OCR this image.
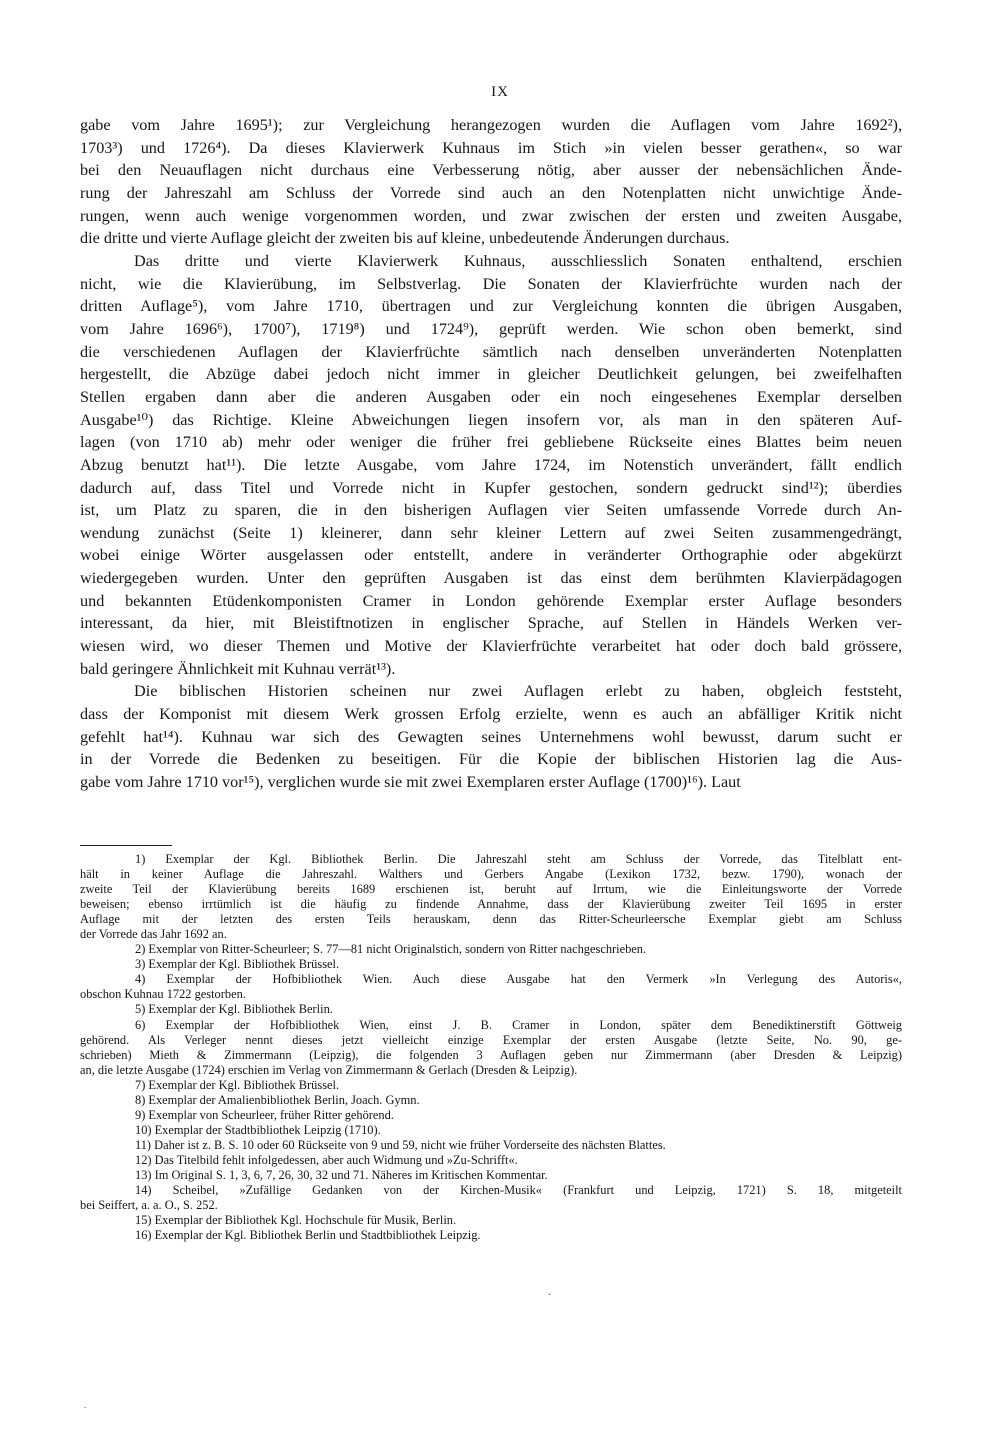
IX

gabe vom Jahre 1695¹); zur Vergleichung herangezogen wurden die Auflagen vom Jahre 1692²),

1703³) und 1726⁴). Da dieses Klavierwerk Kuhnaus im Stich »in vielen besser gerathen«, so war

bei den Neuauflagen nicht durchaus eine Verbesserung nötig, aber ausser der nebensächlichen Ände-

rung der Jahreszahl am Schluss der Vorrede sind auch an den Notenplatten nicht unwichtige Ände-

rungen, wenn auch wenige vorgenommen worden, und zwar zwischen der ersten und zweiten Ausgabe,

die dritte und vierte Auflage gleicht der zweiten bis auf kleine, unbedeutende Änderungen durchaus.

Das dritte und vierte Klavierwerk Kuhnaus, ausschliesslich Sonaten enthaltend, erschien

nicht, wie die Klavierübung, im Selbstverlag. Die Sonaten der Klavierfrüchte wurden nach der

dritten Auflage⁵), vom Jahre 1710, übertragen und zur Vergleichung konnten die übrigen Ausgaben,

vom Jahre 1696⁶), 1700⁷), 1719⁸) und 1724⁹), geprüft werden. Wie schon oben bemerkt, sind

die verschiedenen Auflagen der Klavierfrüchte sämtlich nach denselben unveränderten Notenplatten

hergestellt, die Abzüge dabei jedoch nicht immer in gleicher Deutlichkeit gelungen, bei zweifelhaften

Stellen ergaben dann aber die anderen Ausgaben oder ein noch eingesehenes Exemplar derselben

Ausgabe¹⁰) das Richtige. Kleine Abweichungen liegen insofern vor, als man in den späteren Auf-

lagen (von 1710 ab) mehr oder weniger die früher frei gebliebene Rückseite eines Blattes beim neuen

Abzug benutzt hat¹¹). Die letzte Ausgabe, vom Jahre 1724, im Notenstich unverändert, fällt endlich

dadurch auf, dass Titel und Vorrede nicht in Kupfer gestochen, sondern gedruckt sind¹²); überdies

ist, um Platz zu sparen, die in den bisherigen Auflagen vier Seiten umfassende Vorrede durch An-

wendung zunächst (Seite 1) kleinerer, dann sehr kleiner Lettern auf zwei Seiten zusammengedrängt,

wobei einige Wörter ausgelassen oder entstellt, andere in veränderter Orthographie oder abgekürzt

wiedergegeben wurden. Unter den geprüften Ausgaben ist das einst dem berühmten Klavierpädagogen

und bekannten Etüdenkomponisten Cramer in London gehörende Exemplar erster Auflage besonders

interessant, da hier, mit Bleistiftnotizen in englischer Sprache, auf Stellen in Händels Werken ver-

wiesen wird, wo dieser Themen und Motive der Klavierfrüchte verarbeitet hat oder doch bald grössere,

bald geringere Ähnlichkeit mit Kuhnau verrät¹³).

Die biblischen Historien scheinen nur zwei Auflagen erlebt zu haben, obgleich feststeht,

dass der Komponist mit diesem Werk grossen Erfolg erzielte, wenn es auch an abfälliger Kritik nicht

gefehlt hat¹⁴). Kuhnau war sich des Gewagten seines Unternehmens wohl bewusst, darum sucht er

in der Vorrede die Bedenken zu beseitigen. Für die Kopie der biblischen Historien lag die Aus-

gabe vom Jahre 1710 vor¹⁵), verglichen wurde sie mit zwei Exemplaren erster Auflage (1700)¹⁶). Laut

1) Exemplar der Kgl. Bibliothek Berlin. Die Jahreszahl steht am Schluss der Vorrede, das Titelblatt ent-

hält in keiner Auflage die Jahreszahl. Walthers und Gerbers Angabe (Lexikon 1732, bezw. 1790), wonach der

zweite Teil der Klavierübung bereits 1689 erschienen ist, beruht auf Irrtum, wie die Einleitungsworte der Vorrede

beweisen; ebenso irrtümlich ist die häufig zu findende Annahme, dass der Klavierübung zweiter Teil 1695 in erster

Auflage mit der letzten des ersten Teils herauskam, denn das Ritter-Scheurleersche Exemplar giebt am Schluss

der Vorrede das Jahr 1692 an.

2) Exemplar von Ritter-Scheurleer; S. 77—81 nicht Originalstich, sondern von Ritter nachgeschrieben.

3) Exemplar der Kgl. Bibliothek Brüssel.

4) Exemplar der Hofbibliothek Wien. Auch diese Ausgabe hat den Vermerk »In Verlegung des Autoris«,

obschon Kuhnau 1722 gestorben.

5) Exemplar der Kgl. Bibliothek Berlin.

6) Exemplar der Hofbibliothek Wien, einst J. B. Cramer in London, später dem Benediktinerstift Göttweig

gehörend. Als Verleger nennt dieses jetzt vielleicht einzige Exemplar der ersten Ausgabe (letzte Seite, No. 90, ge-

schrieben) Mieth & Zimmermann (Leipzig), die folgenden 3 Auflagen geben nur Zimmermann (aber Dresden & Leipzig)

an, die letzte Ausgabe (1724) erschien im Verlag von Zimmermann & Gerlach (Dresden & Leipzig).

7) Exemplar der Kgl. Bibliothek Brüssel.

8) Exemplar der Amalienbibliothek Berlin, Joach. Gymn.

9) Exemplar von Scheurleer, früher Ritter gehörend.

10) Exemplar der Stadtbibliothek Leipzig (1710).

11) Daher ist z. B. S. 10 oder 60 Rückseite von 9 und 59, nicht wie früher Vorderseite des nächsten Blattes.

12) Das Titelbild fehlt infolgedessen, aber auch Widmung und »Zu-Schrifft«.

13) Im Original S. 1, 3, 6, 7, 26, 30, 32 und 71. Näheres im Kritischen Kommentar.

14) Scheibel, »Zufällige Gedanken von der Kirchen-Musik« (Frankfurt und Leipzig, 1721) S. 18, mitgeteilt

bei Seiffert, a. a. O., S. 252.

15) Exemplar der Bibliothek Kgl. Hochschule für Musik, Berlin.

16) Exemplar der Kgl. Bibliothek Berlin und Stadtbibliothek Leipzig.

ˇ
.
